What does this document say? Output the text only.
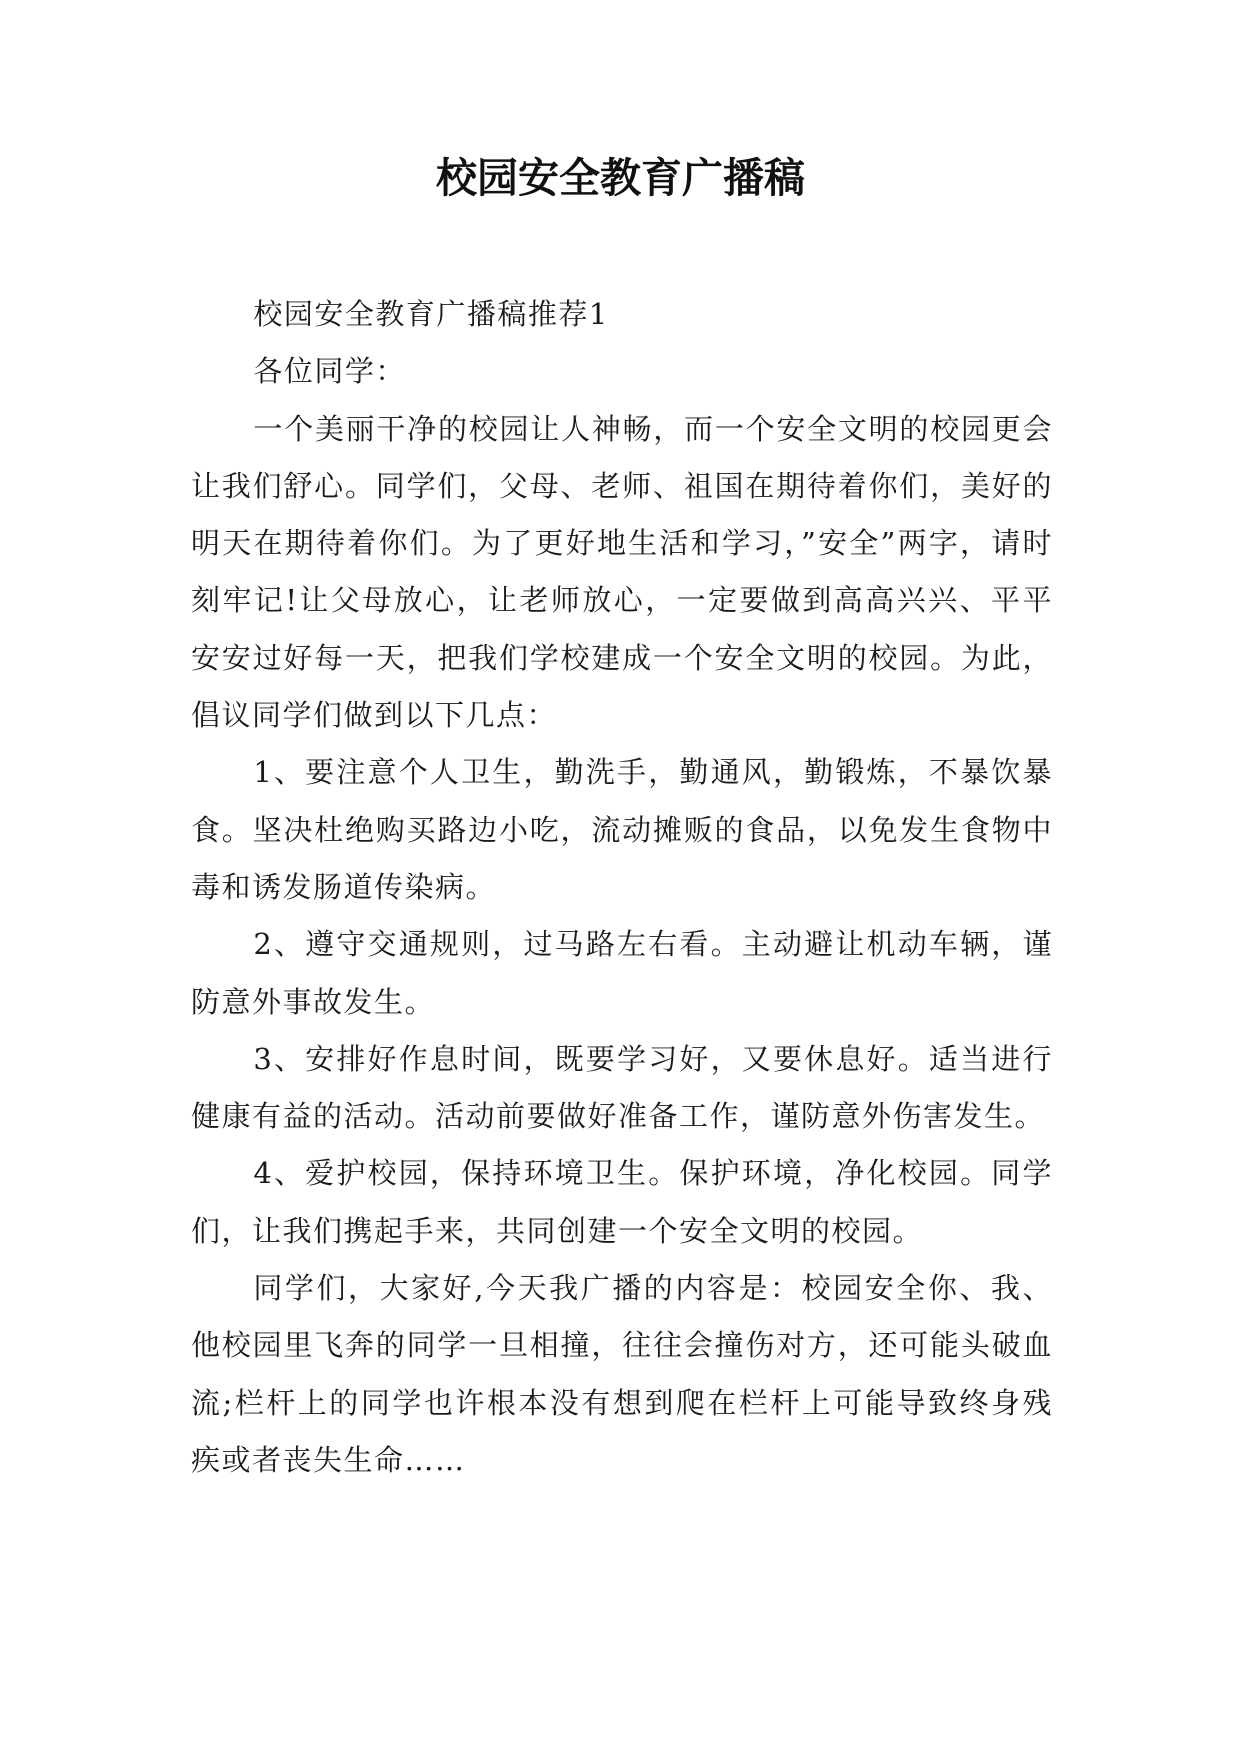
校园安全教育广播稿

校园安全教育广播稿推荐1

各位同学：

一个美丽干净的校园让人神畅，而一个安全文明的校园更会让我们舒心。同学们，父母、老师、祖国在期待着你们，美好的明天在期待着你们。为了更好地生活和学习，”安全”两字，请时刻牢记!让父母放心，让老师放心，一定要做到高高兴兴、平平安安过好每一天，把我们学校建成一个安全文明的校园。为此，倡议同学们做到以下几点：

1、要注意个人卫生，勤洗手，勤通风，勤锻炼，不暴饮暴食。坚决杜绝购买路边小吃，流动摊贩的食品，以免发生食物中毒和诱发肠道传染病。

2、遵守交通规则，过马路左右看。主动避让机动车辆，谨防意外事故发生。

3、安排好作息时间，既要学习好，又要休息好。适当进行健康有益的活动。活动前要做好准备工作，谨防意外伤害发生。

4、爱护校园，保持环境卫生。保护环境，净化校园。同学们，让我们携起手来，共同创建一个安全文明的校园。

同学们，大家好,今天我广播的内容是：校园安全你、我、他校园里飞奔的同学一旦相撞，往往会撞伤对方，还可能头破血流;栏杆上的同学也许根本没有想到爬在栏杆上可能导致终身残疾或者丧失生命……
